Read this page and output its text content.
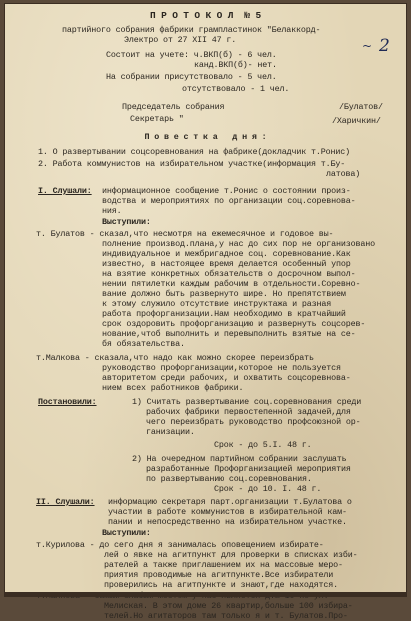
2
~
П Р О Т О К О Л  № 5
партийного собрания фабрики грампластинок "Белаккорд-
Электро от 27 XII 47 г.
Состоит на учете: ч.ВКП(б) - 6 чел.
канд.ВКП(б)- нет.
На собрании присутствовало - 5 чел.
отсутствовало - 1 чел.
Председатель собрания	/Булатов/
Секретарь "	/Харичкин/
П о в е с т к а   д н я :
1. О развертывании соцсоревнования на фабрике(докладчик т.Ронис)
2. Работа коммунистов на избирательном участке(информация т.Бу-
латова)
I. Слушали: информационное сообщение т.Ронис о состоянии произ-
водства и мероприятиях по организации соц.соревнова-
ния.
Выступили:
т. Булатов - сказал,что несмотря на ежемесячное и годовое вы-
полнение производ.плана,у нас до сих пор не организовано
индивидуальное и межбригадное соц. соревнование.Как
известно, в настоящее время делается особенный упор
на взятие конкретных обязательств о досрочном выпол-
нении пятилетки каждым рабочим в отдельности.Соревно-
вание должно быть развернуто шире. Но препятствием
к этому служило отсутствие инструктажа и разная
работа профорганизации.Нам необходимо в кратчайший
срок оздоровить профорганизацию и развернуть соцсорев-
нование,чтоб выполнить и перевыполнить взятые на се-
бя обязательства.
т.Малкова - сказала,что надо как можно скорее переизбрать
руководство профорганизации,которое не пользуется
авторитетом среди рабочих, и охватить соцсоревнова-
нием всех работников фабрики.
Постановили:	1) Считать развертывание соц.соревнования среди
рабочих фабрики первостепенной задачей,для
чего переизбрать руководство профсоюзной ор-
ганизации.
Срок - до 5.I. 48 г.
2) На очередном партийном собрании заслушать
разработанные Профорганизацией мероприятия
по развертыванию соц.соревнования.
Срок - до 10. I. 48 г.
II. Слушали: информацию секретаря парт.организации т.Булатова о
участии в работе коммунистов в избирательной кам-
пании и непосредственно на избирательном участке.
Выступили:
т.Курилова - до сего дня я занималась оповещением избирате-
лей о явке на агитпункт для проверки в списках изби-
рателей а также приглашением их на массовые меро-
приятия проводимые на агитпункте.Все избиратели
проверились на агитпункте и знают,где находятся.
Мелиская. В этом доме 26 квартир,больше 100 избира-
телей.Но агитаторов там только я и т. Булатов.Про-
